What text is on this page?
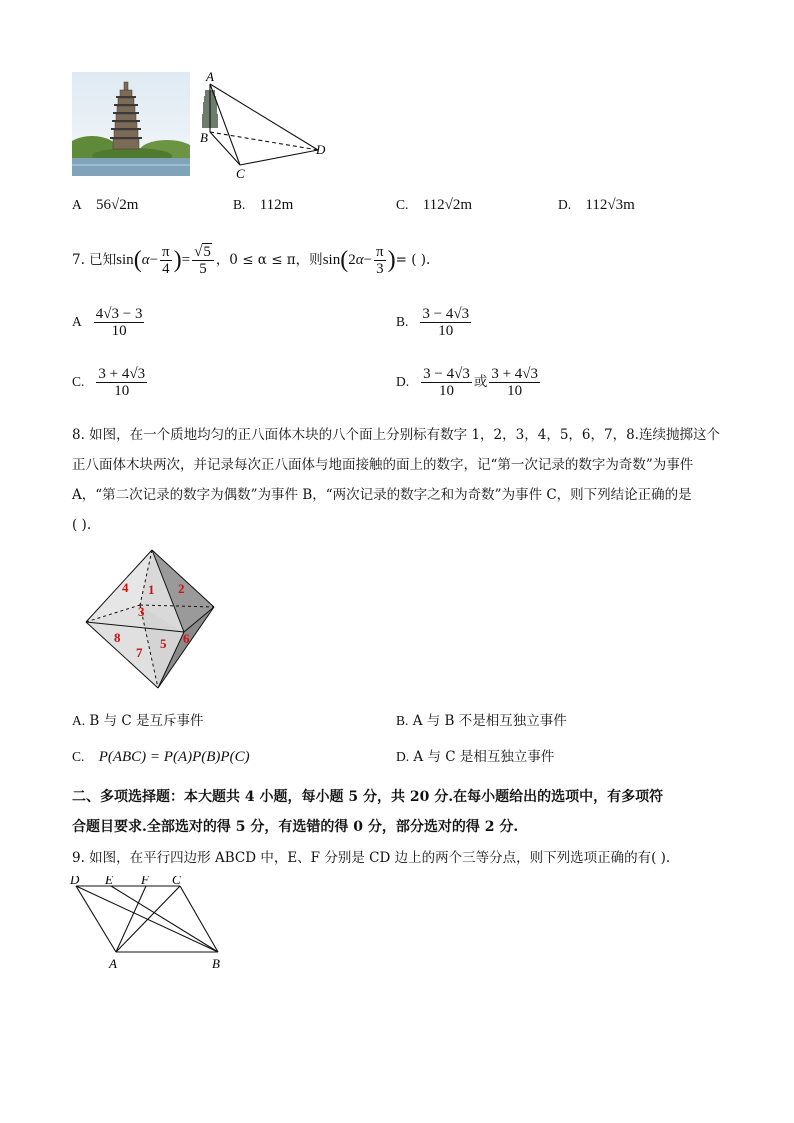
A
B
C
D
A 56√2m	B. 112m	C. 112√2m	D. 112√3m
7. 已知 sin ( $\alpha - \frac{\pi}{4}$ ) = $\frac{√5}{5}$ ，0 ≤ α ≤ π，则 sin ( $2\alpha- \frac{\pi}{3}$ ) = ( ).
A $\frac{4√3 - 3}{10}$	B. $\frac{3 - 4√3}{10}$
C. $\frac{3 + 4√3}{10}$	D. $\frac{3 - 4√3}{10}$ 或 $\frac{3 + 4√3}{10}$
8. 如图，在一个质地均匀的正八面体木块的八个面上分别标有数字 1，2，3，4，5，6，7，8.连续抛掷这个
正八面体木块两次，并记录每次正八面体与地面接触的面上的数字，记“第一次记录的数字为奇数”为事件
A，“第二次记录的数字为偶数”为事件 B，“两次记录的数字之和为奇数”为事件 C，则下列结论正确的是
( ).
4 1 2
3
8
7
5 6
A. B 与 C 是互斥事件	B. A 与 B 不是相互独立事件
C. P(ABC) = P(A)P(B)P(C)	D. A 与 C 是相互独立事件
二、多项选择题：本大题共 4 小题，每小题 5 分，共 20 分.在每小题给出的选项中，有多项符
合题目要求.全部选对的得 5 分，有选错的得 0 分，部分选对的得 2 分.
9. 如图，在平行四边形 ABCD 中，E、F 分别是 CD 边上的两个三等分点，则下列选项正确的有( ).
D E F C
A	B
